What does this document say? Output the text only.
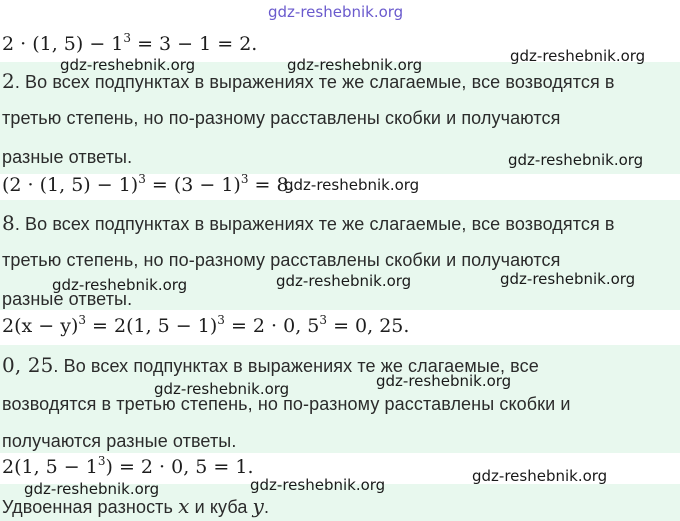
2 · (1, $5) - 1^3 = 3 - 1 = 2$.
2. Во всех подпунктах в выражениях те же слагаемые, все возводятся в
третью степень, но по-разному расставлены скобки и получаются
разные ответы.
(2 · (1, $5) - 1)^3 = (3 - 1)^3 = 8$.
8. Во всех подпунктах в выражениях те же слагаемые, все возводятся в
третью степень, но по-разному расставлены скобки и получаются
разные ответы.
$2(x - y)^3 = 2(1$, 5 − 1)$^3$ = 2 · 0, $5^3 = 0$, 25.
0, 25. Во всех подпунктах в выражениях те же слагаемые, все
возводятся в третью степень, но по-разному расставлены скобки и
получаются разные ответы.
2(1, $5 - 1^3) = 2 \cdot 0$, 5 = 1.
Удвоенная разность x и куба y.
gdz-reshebnik.org
gdz-reshebnik.org	gdz-reshebnik.org	gdz-reshebnik.org
gdz-reshebnik.org
gdz-reshebnik.org
gdz-reshebnik.org	gdz-reshebnik.org	gdz-reshebnik.org
gdz-reshebnik.org	gdz-reshebnik.org
gdz-reshebnik.org
gdz-reshebnik.org	gdz-reshebnik.org
